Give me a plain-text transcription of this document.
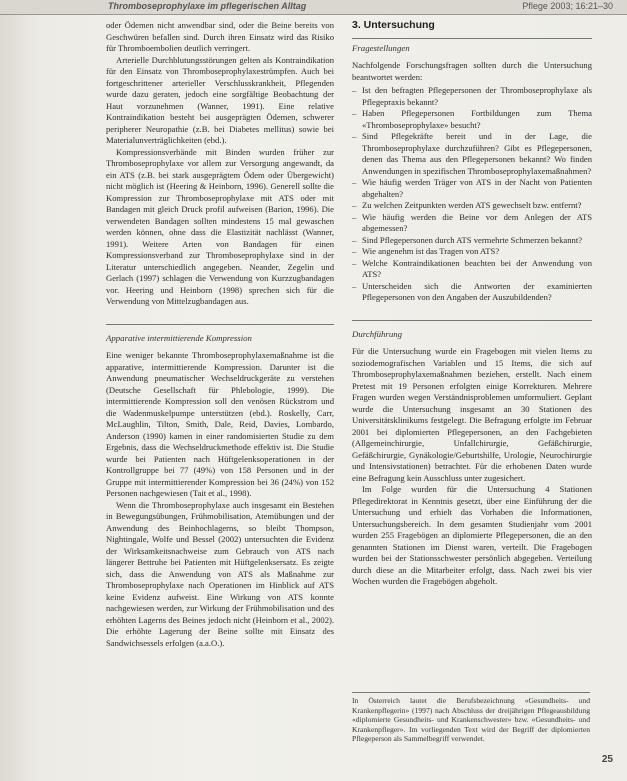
Thromboseprophylaxe im pflegerischen Alltag	Pflege 2003; 16:21–30

oder Ödemen nicht anwendbar sind, oder die Beine bereits von Geschwüren befallen sind. Durch ihren Einsatz wird das Risiko für Thromboembolien deutlich verringert.

Arterielle Durchblutungsstörungen gelten als Kontraindikation für den Einsatz von Thromboseprophylaxestrümpfen. Auch bei fortgeschrittener arterieller Verschlusskrankheit, Pflegenden wurde dazu geraten, jedoch eine sorgfältige Beobachtung der Haut vorzunehmen (Wanner, 1991). Eine relative Kontraindikation besteht bei ausgeprägten Ödemen, schwerer peripherer Neuropathie (z.B. bei Diabetes mellitus) sowie bei Materialunverträglichkeiten (ebd.).

Kompressionsverbände mit Binden wurden früher zur Thromboseprophylaxe vor allem zur Versorgung angewandt, da ein ATS (z.B. bei stark ausgeprägtem Ödem oder Übergewicht) nicht möglich ist (Heering & Heinborn, 1996). Generell sollte die Kompression zur Thromboseprophylaxe mit ATS oder mit Bandagen mit gleich Druck profil aufweisen (Barion, 1996). Die verwendeten Bandagen sollten mindestens 15 mal gewaschen werden können, ohne dass die Elastizität nachlässt (Wanner, 1991). Weitere Arten von Bandagen für einen Kompressionsverband zur Thromboseprophylaxe sind in der Literatur unterschiedlich angegeben. Neander, Zegelin und Gerlach (1997) schlagen die Verwendung von Kurzzugbandagen vor. Heering und Heinborn (1998) sprechen sich für die Verwendung von Mittelzugbandagen aus.

Apparative intermittierende Kompression

Eine weniger bekannte Thromboseprophylaxemaßnahme ist die apparative, intermittierende Kompression. Darunter ist die Anwendung pneumatischer Wechseldruckgeräte zu verstehen (Deutsche Gesellschaft für Phlebologie, 1999). Die intermittierende Kompression soll den venösen Rückstrom und die Wadenmuskelpumpe unterstützen (ebd.). Roskelly, Carr, McLaughlin, Tilton, Smith, Dale, Reid, Davies, Lombardo, Anderson (1990) kamen in einer randomisierten Studie zu dem Ergebnis, dass die Wechseldruckmethode effektiv ist. Die Studie wurde bei Patienten nach Hüftgelenksoperationen in der Kontrollgruppe bei 77 (49%) von 158 Personen und in der Gruppe mit intermittierender Kompression bei 36 (24%) von 152 Personen nachgewiesen (Tait et al., 1998).

Wenn die Thromboseprophylaxe auch insgesamt ein Bestehen in Bewegungsübungen, Frühmobilisation, Atemübungen und der Anwendung des Beinhochlagerns, so bleibt Thompson, Nightingale, Wolfe und Bessel (2002) untersuchten die Evidenz der Wirksamkeitsnachweise zum Gebrauch von ATS nach längerer Bettruhe bei Patienten mit Hüftgelenksersatz. Es zeigte sich, dass die Anwendung von ATS als Maßnahme zur Thromboseprophylaxe nach Operationen im Hinblick auf ATS keine Evidenz aufweist. Eine Wirkung von ATS konnte nachgewiesen werden, zur Wirkung der Frühmobilisation und des erhöhten Lagerns des Beines jedoch nicht (Heinborn et al., 2002). Die erhöhte Lagerung der Beine sollte mit Einsatz des Sandwichsessels erfolgen (a.a.O.).

3. Untersuchung
Fragestellungen

Nachfolgende Forschungsfragen sollten durch die Untersuchung beantwortet werden:

– Ist den befragten Pflegepersonen der Thromboseprophylaxe als Pflegepraxis bekannt?
– Haben Pflegepersonen Fortbildungen zum Thema «Thromboseprophylaxe» besucht?
– Sind Pflegekräfte bereit und in der Lage, die Thromboseprophylaxe durchzuführen? Gibt es Pflegepersonen, denen das Thema aus den Pflegepersonen bekannt? Wo finden Anwendungen in spezifischen Thromboseprophylaxemaßnahmen?
– Wie häufig werden Träger von ATS in der Nacht von Patienten abgehalten?
– Zu welchen Zeitpunkten werden ATS gewechselt bzw. entfernt?
– Wie häufig werden die Beine vor dem Anlegen der ATS abgemessen?
– Sind Pflegepersonen durch ATS vermehrte Schmerzen bekannt?
– Wie angenehm ist das Tragen von ATS?
– Welche Kontraindikationen beachten bei der Anwendung von ATS?
– Unterscheiden sich die Antworten der examinierten Pflegepersonen von den Angaben der Auszubildenden?
Durchführung

Für die Untersuchung wurde ein Fragebogen mit vielen Items zu soziodemografischen Variablen und 15 Items, die sich auf Thromboseprophylaxemaßnahmen beziehen, erstellt. Nach einem Pretest mit 19 Personen erfolgten einige Korrekturen. Mehrere Fragen wurden wegen Verständnisproblemen umformuliert. Geplant wurde die Untersuchung insgesamt an 30 Stationen des Universitätsklinikums festgelegt. Die Befragung erfolgte im Februar 2001 bei diplomierten Pflegepersonen, an den Fachgebieten (Allgemeinchirurgie, Unfallchirurgie, Gefäßchirurgie, Gefäßchirurgie, Gynäkologie/Geburtshilfe, Urologie, Neurochirurgie und Intensivstationen) betrachtet. Für die erhobenen Daten wurde eine Befragung kein Ausschluss unter zugesichert.

Im Folge wurden für die Untersuchung 4 Stationen Pflegedirektorat in Kenntnis gesetzt, über eine Einführung der die Untersuchung und erhielt das Vorhaben die Informationen, Untersuchungsbereich. In dem gesamten Studienjahr vom 2001 wurden 255 Fragebögen an diplomierte Pflegepersonen, die an den genannten Stationen im Dienst waren, verteilt. Die Fragebogen wurden bei der Stationsschwester persönlich abgegeben. Verteilung durch diese an die Mitarbeiter erfolgt, dass. Nach zwei bis vier Wochen wurden die Fragebögen abgeholt.

In Österreich lautet die Berufsbezeichnung «Gesundheits- und Krankenpflegerin» (1997) nach Abschluss der dreijährigen Pflegeausbildung «diplomierte Gesundheits- und Krankenschwester» bzw. «Gesundheits- und Krankenpfleger». Im vorliegenden Text wird der Begriff der diplomierten Pflegeperson als Sammelbegriff verwendet.
25
